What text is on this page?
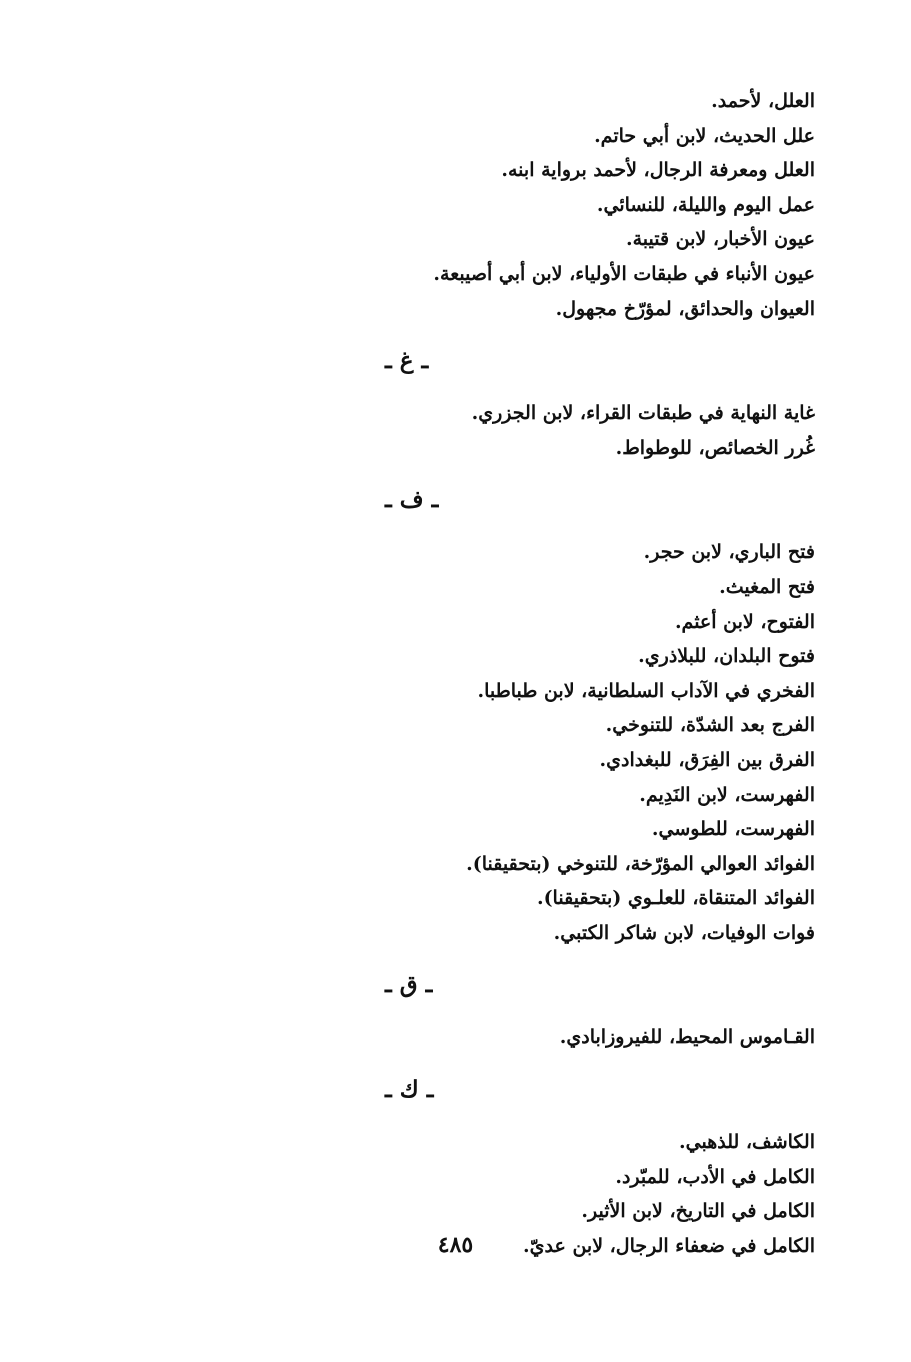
العلل، لأحمد.
علل الحديث، لابن أبي حاتم.
العلل ومعرفة الرجال، لأحمد برواية ابنه.
عمل اليوم والليلة، للنسائي.
عيون الأخبار، لابن قتيبة.
عيون الأنباء في طبقات الأولياء، لابن أبي أصيبعة.
العيوان والحدائق، لمؤرّخ مجهول.
ـ غ ـ
غاية النهاية في طبقات القراء، لابن الجزري.
غُرر الخصائص، للوطواط.
ـ ف ـ
فتح الباري، لابن حجر.
فتح المغيث.
الفتوح، لابن أعثم.
فتوح البلدان، للبلاذري.
الفخري في الآداب السلطانية، لابن طباطبا.
الفرج بعد الشدّة، للتنوخي.
الفرق بين الفِرَق، للبغدادي.
الفهرست، لابن النَدِيم.
الفهرست، للطوسي.
الفوائد العوالي المؤرّخة، للتنوخي (بتحقيقنا).
الفوائد المتنقاة، للعلـوي (بتحقيقنا).
فوات الوفيات، لابن شاكر الكتبي.
ـ ق ـ
القـاموس المحيط، للفيروزابادي.
ـ ك ـ
الكاشف، للذهبي.
الكامل في الأدب، للمبّرد.
الكامل في التاريخ، لابن الأثير.
الكامل في ضعفاء الرجال، لابن عديّ.
٤٨٥
